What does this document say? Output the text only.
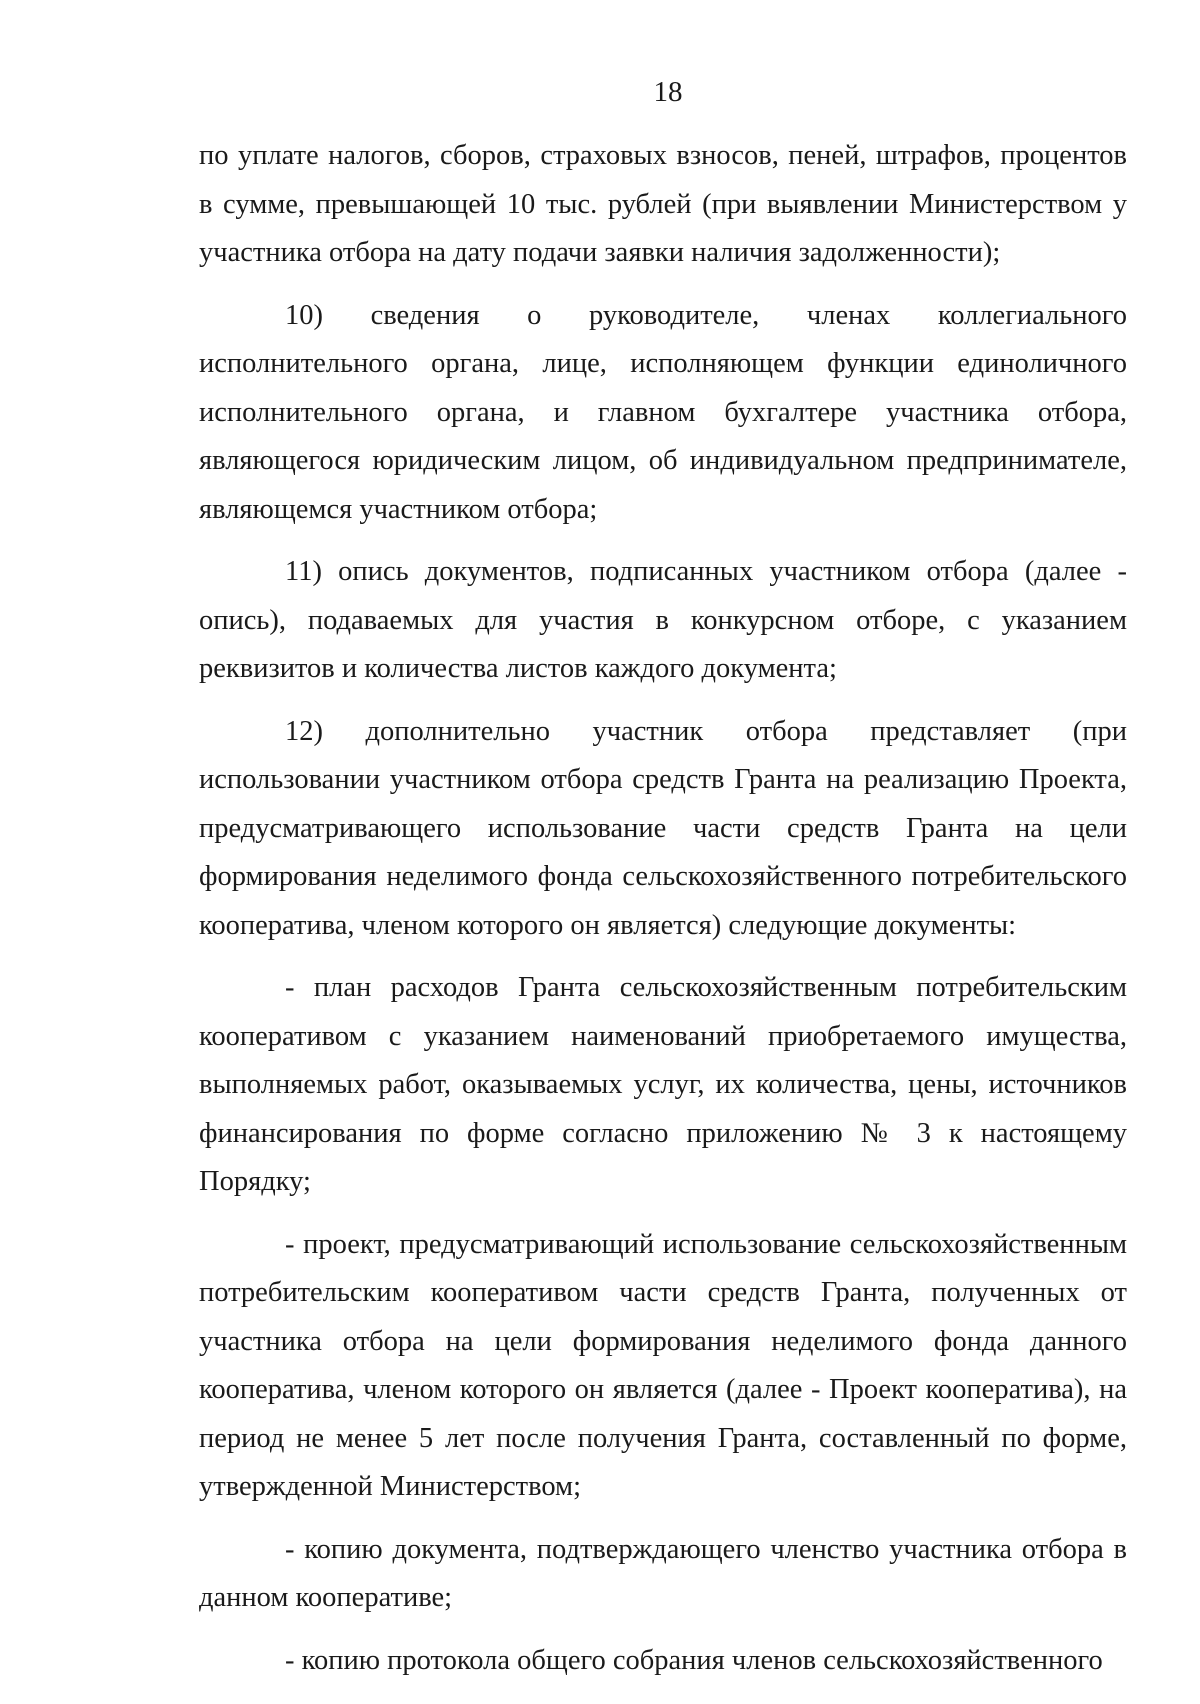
18

по уплате налогов, сборов, страховых взносов, пеней, штрафов, процентов в сумме, превышающей 10 тыс. рублей (при выявлении Министерством у участника отбора на дату подачи заявки наличия задолженности);

10) сведения о руководителе, членах коллегиального исполнительного органа, лице, исполняющем функции единоличного исполнительного органа, и главном бухгалтере участника отбора, являющегося юридическим лицом, об индивидуальном предпринимателе, являющемся участником отбора;

11) опись документов, подписанных участником отбора (далее - опись), подаваемых для участия в конкурсном отборе, с указанием реквизитов и количества листов каждого документа;

12) дополнительно участник отбора представляет (при использовании участником отбора средств Гранта на реализацию Проекта, предусматривающего использование части средств Гранта на цели формирования неделимого фонда сельскохозяйственного потребительского кооператива, членом которого он является) следующие документы:

- план расходов Гранта сельскохозяйственным потребительским кооперативом с указанием наименований приобретаемого имущества, выполняемых работ, оказываемых услуг, их количества, цены, источников финансирования по форме согласно приложению № 3 к настоящему Порядку;

- проект, предусматривающий использование сельскохозяйственным потребительским кооперативом части средств Гранта, полученных от участника отбора на цели формирования неделимого фонда данного кооператива, членом которого он является (далее - Проект кооператива), на период не менее 5 лет после получения Гранта, составленный по форме, утвержденной Министерством;

- копию документа, подтверждающего членство участника отбора в данном кооперативе;

- копию протокола общего собрания членов сельскохозяйственного
